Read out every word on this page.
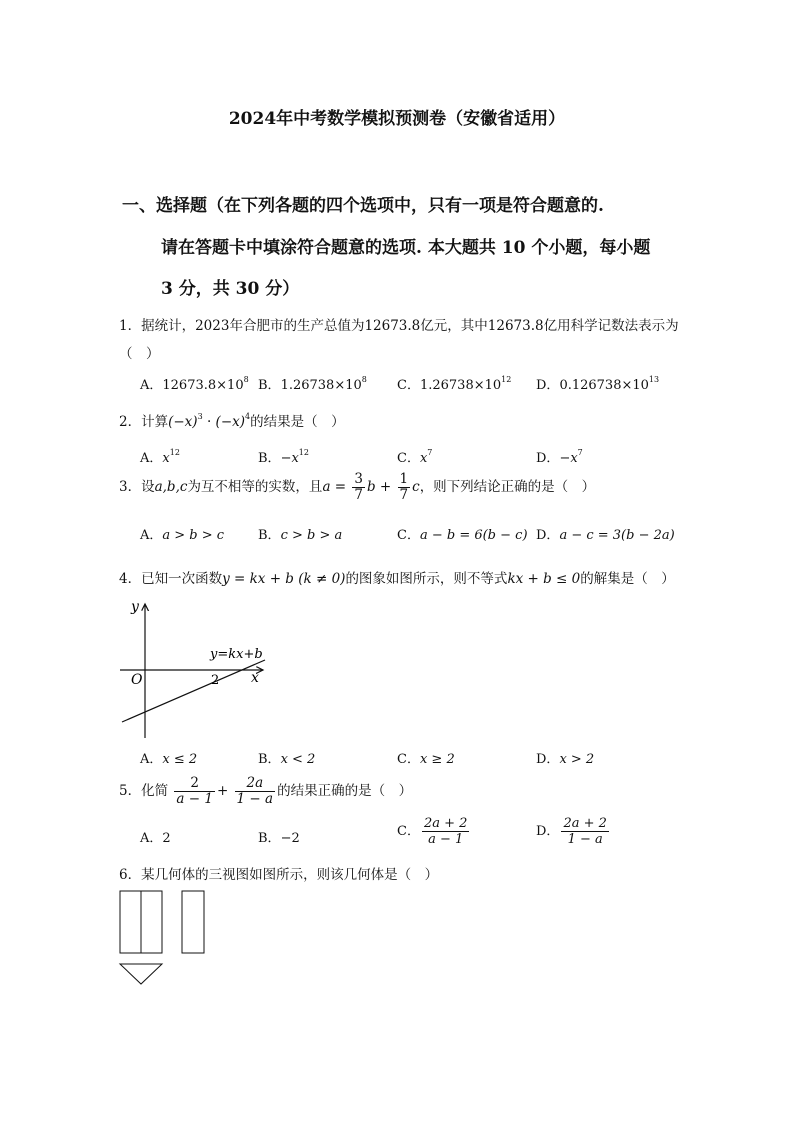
2024年中考数学模拟预测卷（安徽省适用）
一、选择题（在下列各题的四个选项中，只有一项是符合题意的.
请在答题卡中填涂符合题意的选项. 本大题共 10 个小题，每小题
3 分，共 30 分）
1．据统计，2023年合肥市的生产总值为12673.8亿元，其中12673.8亿用科学记数法表示为
（　）
A．$12673.8\times 10^8$ B．$1.26738\times 10^8$ C．$1.26738\times 10^{12}$ D．$0.126738\times 10^{13}$
2．计算$(-x)^3 \cdot (-x)^4$的结果是（　）
A．$x^{12}$	B．$-x^{12}$	C．$x^7$	D．$-x^7$
3．设a,b,c为互不相等的实数，且$a = \frac{3}{7}$ $b + \frac{1}{7}$ c，则下列结论正确的是（　）
A．a > b > c	B．c > b > a	C．a − b = 6(b − c) D．a − c = 3(b − 2a)
4．已知一次函数y = kx + b (k ≠ 0)的图象如图所示，则不等式kx + b ≤ 0的解集是（　）
y
x
O	2
y=kx+b
A．x ≤ 2	B．x < 2	C．x ≥ 2	D．x > 2
5．化简 $\frac{2}{a - 1} + \frac{2a}{1 - a}$ 的结果正确的是（　）
A．2	B．−2	C． $\frac{2a + 2}{a - 1}$	D． $\frac{2a + 2}{1 - a}$
6．某几何体的三视图如图所示，则该几何体是（　）
